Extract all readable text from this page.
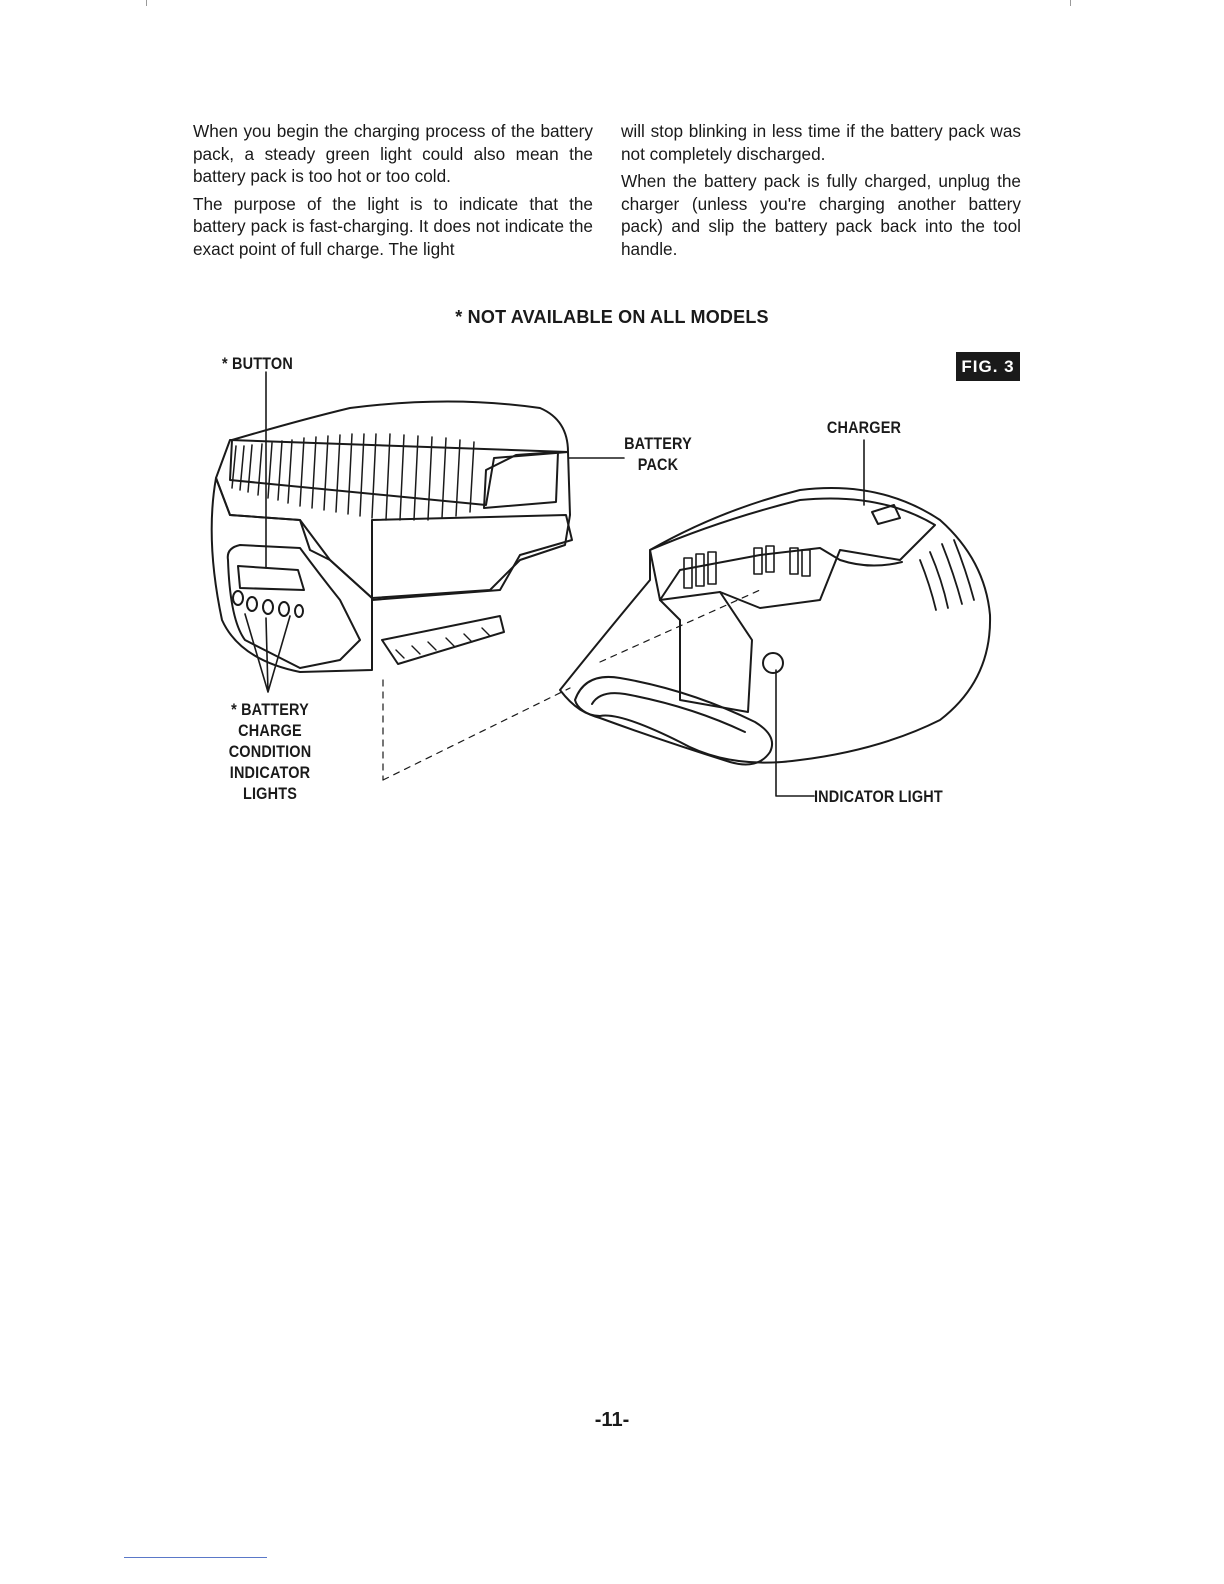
When you begin the charging process of the battery pack, a steady green light could also mean the battery pack is too hot or too cold.

The purpose of the light is to indicate that the battery pack is fast-charging. It does not indicate the exact point of full charge. The light

will stop blinking in less time if the battery pack was not completely discharged.

When the battery pack is fully charged, unplug the charger (unless you're charging another battery pack) and slip the battery pack back into the tool handle.

* NOT AVAILABLE ON ALL MODELS
FIG. 3
* BUTTON
BATTERY
PACK
CHARGER
* BATTERY
CHARGE
CONDITION
INDICATOR
LIGHTS	INDICATOR LIGHT
-11-
